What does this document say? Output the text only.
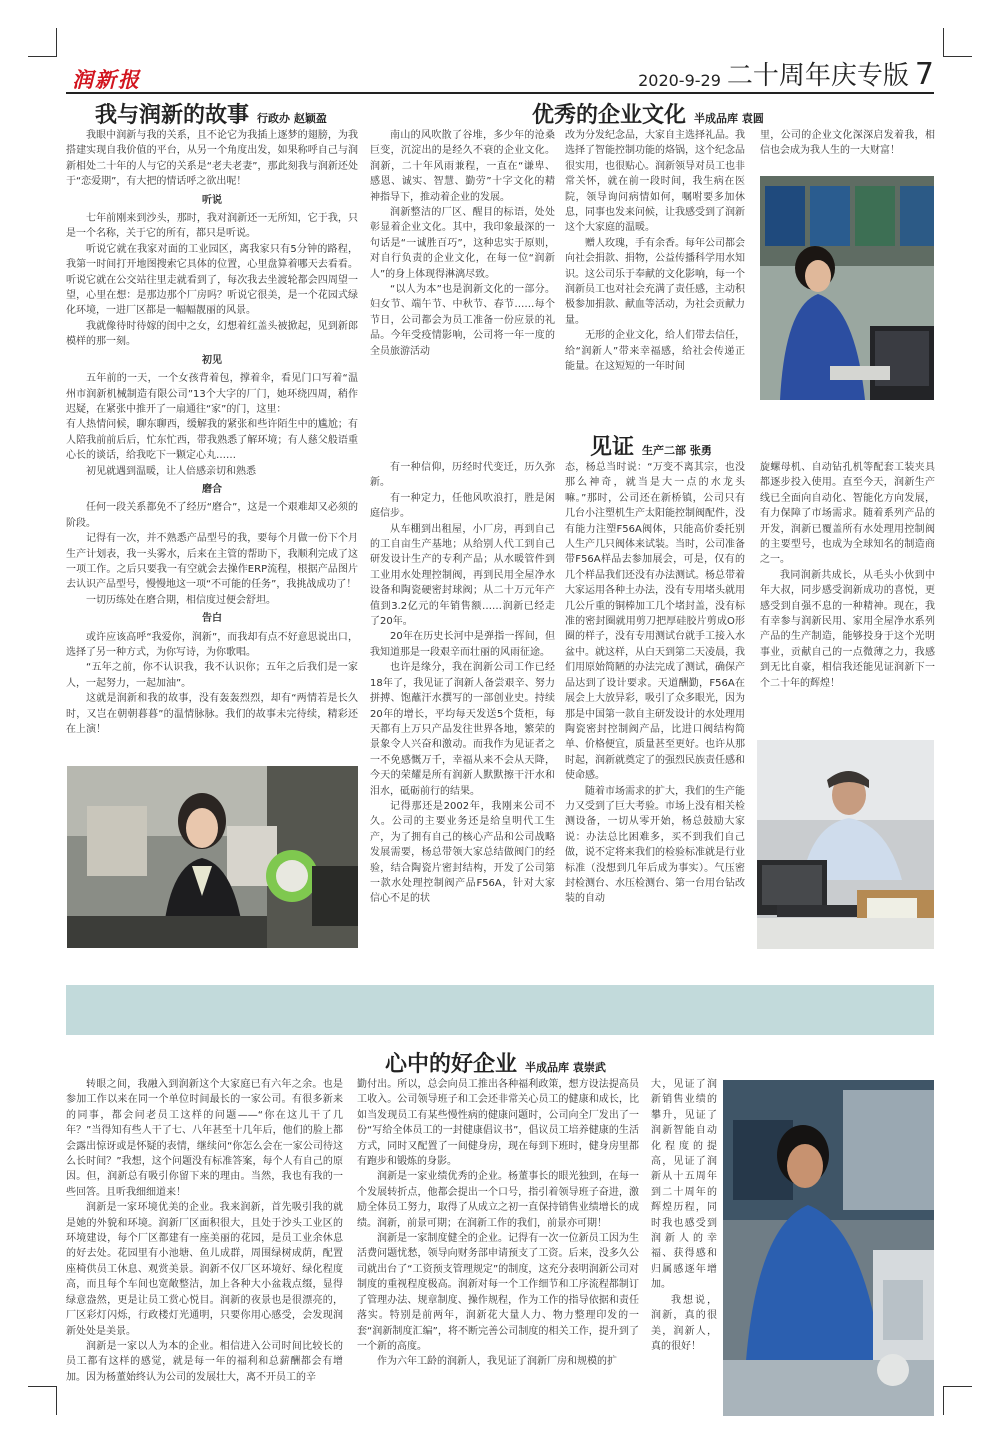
润新报	2020-9-29 二十周年庆专版 7
我与润新的故事 行政办 赵颖盈

我眼中润新与我的关系，且不论它为我插上逐梦的翅膀，为我搭建实现自我价值的平台，从另一个角度出发，如果称呼自己与润新相处二十年的人与它的关系是“老夫老妻”，那此刻我与润新还处于“恋爱期”，有大把的情话呼之欲出呢！

听说

七年前刚来到沙头，那时，我对润新还一无所知，它于我，只是一个名称，关于它的所有，都只是听说。

听说它就在我家对面的工业园区，离我家只有5分钟的路程，我第一时间打开地图搜索它具体的位置，心里盘算着哪天去看看。听说它就在公交站往里走就看到了，每次我去坐渡轮都会四周望一望，心里在想：是那边那个厂房吗？听说它很美，是一个花园式绿化环境，一进厂区都是一幅幅靓丽的风景。

我就像待时待嫁的闺中之女，幻想着红盖头被掀起，见到新郎模样的那一刻。

初见

五年前的一天，一个女孩背着包，撑着伞，看见门口写着“温州市润新机械制造有限公司”13个大字的厂门，她环绕四周，稍作迟疑，在紧张中推开了一扇通往“家”的门，这里：

有人热情问候，聊东聊西，缓解我的紧张和些许陌生中的尴尬；有人陪我前前后后，忙东忙西，带我熟悉了解环境；有人慈父般语重心长的谈话，给我吃下一颗定心丸……

初见就遇到温暖，让人倍感亲切和熟悉

磨合

任何一段关系都免不了经历“磨合”，这是一个艰难却又必须的阶段。

记得有一次，并不熟悉产品型号的我，要每个月做一份下个月生产计划表，我一头雾水，后来在主管的帮助下，我顺利完成了这一项工作。之后只要我一有空就会去操作ERP流程，根据产品图片去认识产品型号，慢慢地这一项“不可能的任务”，我挑战成功了！

一切历练处在磨合期，相信度过便会舒坦。

告白

或许应该高呼“我爱你，润新”，而我却有点不好意思说出口，选择了另一种方式，为你写诗，为你歌唱。

“五年之前，你不认识我，我不认识你；五年之后我们是一家人，一起努力，一起加油”。

这就是润新和我的故事，没有轰轰烈烈，却有“两情若是长久时，又岂在朝朝暮暮”的温情脉脉。我们的故事未完待续，精彩还在上演！

优秀的企业文化 半成品库 袁圆

南山的风吹散了谷堆，多少年的沧桑巨变，沉淀出的是经久不衰的企业文化。润新，二十年风雨兼程，一直在“谦卑、感恩、诚实、智慧、勤劳”十字文化的精神指导下，推动着企业的发展。

润新整洁的厂区、醒目的标语，处处彰显着企业文化。其中，我印象最深的一句话是“一诚胜百巧”，这种忠实于原则，对自行负责的企业文化，在每一位“润新人”的身上体现得淋漓尽致。

“以人为本”也是润新文化的一部分。妇女节、端午节、中秋节、春节……每个节日，公司都会为员工准备一份应景的礼品。今年受疫情影响，公司将一年一度的全员旅游活动

改为分发纪念品，大家自主选择礼品。我选择了智能控制功能的烙锅，这个纪念品很实用，也很贴心。润新领导对员工也非常关怀，就在前一段时间，我生病在医院，领导询问病情如何，嘱咐要多加休息，同事也发来问候，让我感受到了润新这个大家庭的温暖。

赠人玫瑰，手有余香。每年公司都会向社会捐款、捐物，公益传播科学用水知识。这公司乐于奉献的文化影响，每一个润新员工也对社会充满了责任感，主动积极参加捐款、献血等活动，为社会贡献力量。

无形的企业文化，给人们带去信任，给“润新人”带来幸福感，给社会传递正能量。在这短短的一年时间

里，公司的企业文化深深启发着我，相信也会成为我人生的一大财富！

见证 生产二部 张勇

有一种信仰，历经时代变迁，历久弥新。

有一种定力，任他风吹浪打，胜是闲庭信步。

从车棚到出租屋，小厂房，再到自己的工自亩生产基地；从给别人代工到自己研发设计生产的专利产品；从水暖管件到工业用水处理控制阀，再到民用全屋净水设备和陶瓷硬密封球阀；从二十万元年产值到3.2亿元的年销售额……润新已经走了20年。

20年在历史长河中是弹指一挥间，但我知道那是一段艰辛而壮丽的风雨征途。

也许是缘分，我在润新公司工作已经18年了，我见证了润新人备尝艰辛、努力拼搏、饱蘸汗水撰写的一部创业史。持续20年的增长，平均每天发送5个货柜，每天都有上万只产品发往世界各地，繁荣的景象令人兴奋和激动。而我作为见证者之一不免感慨万千，幸福从来不会从天降，今天的荣耀是所有润新人默默擦干汗水和泪水，砥砺前行的结果。

记得那还是2002年，我刚来公司不久。公司的主要业务还是给皇明代工生产，为了拥有自己的核心产品和公司战略发展需要，杨总带领大家总结做阀门的经验，结合陶瓷片密封结构，开发了公司第一款水处理控制阀产品F56A，针对大家信心不足的状

态，杨总当时说：“万变不离其宗，也没那么神奇，就当是大一点的水龙头嘛。”那时，公司还在新桥镇，公司只有几台小注塑机生产太阳能控制阀配件，没有能力注塑F56A阀体，只能高价委托别人生产几只阀体来试装。当时，公司准备带F56A样品去参加展会，可是，仅有的几个样品我们还没有办法测试。杨总带着大家运用各种土办法，没有专用堵头就用几公斤重的铜棒加工几个堵封盖，没有标准的密封圈就用剪刀把厚硅胶片剪成O形圈的样子，没有专用测试台就手工接入水盆中。就这样，从白天到第二天凌晨，我们用原始简陋的办法完成了测试，确保产品达到了设计要求。天道酬勤，F56A在展会上大放异彩，吸引了众多眼光，因为那是中国第一款自主研发设计的水处理用陶瓷密封控制阀产品，比进口阀结构简单、价格便宜，质量甚至更好。也许从那时起，润新就奠定了的强烈民族责任感和使命感。

随着市场需求的扩大，我们的生产能力又受到了巨大考验。市场上没有相关检测设备，一切从零开始，杨总鼓励大家说：办法总比困难多，买不到我们自己做，说不定将来我们的检验标准就是行业标准（没想到几年后成为事实）。气压密封检测台、水压检测台、第一台用台钻改装的自动

旋螺母机、自动钻孔机等配套工装夹具都逐步投入使用。直至今天，润新生产线已全面向自动化、智能化方向发展，有力保障了市场需求。随着系列产品的开发，润新已覆盖所有水处理用控制阀的主要型号，也成为全球知名的制造商之一。

我同润新共成长，从毛头小伙到中年大叔，同步感受润新成功的喜悦，更感受到自强不息的一种精神。现在，我有幸参与润新民用、家用全屋净水系列产品的生产制造，能够投身于这个光明事业，贡献自己的一点微薄之力，我感到无比自豪，相信我还能见证润新下一个二十年的辉煌！

心中的好企业 半成品库 袁崇武

转眼之间，我融入到润新这个大家庭已有六年之余。也是参加工作以来在同一个单位时间最长的一家公司。有很多新来的同事，都会问老员工这样的问题——“你在这儿干了几年？”当得知有些人干了七、八年甚至十几年后，他们的脸上都会露出惊讶或是怀疑的表情，继续问“你怎么会在一家公司待这么长时间？”我想，这个问题没有标准答案，每个人有自己的原因。但，润新总有吸引你留下来的理由。当然，我也有我的一些回答。且听我细细道来！

润新是一家环境优美的企业。我来润新，首先吸引我的就是她的外貌和环境。润新厂区面积很大，且处于沙头工业区的环境建设，每个厂区都建有一座美丽的花园，是员工业余休息的好去处。花园里有小池塘、鱼儿成群，周围绿树成荫，配置座椅供员工休息、观赏美景。润新不仅厂区环境好、绿化程度高，而且每个车间也宽敞整洁，加上各种大小盆栽点缀，显得绿意盎然，更是让员工赏心悦目。润新的夜景也是很漂亮的，厂区彩灯闪烁，行政楼灯光通明，只要你用心感受，会发现润新处处是美景。

润新是一家以人为本的企业。相信进入公司时间比较长的员工都有这样的感觉，就是每一年的福利和总薪酬都会有增加。因为杨董始终认为公司的发展壮大，离不开员工的辛

勤付出。所以，总会向员工推出各种福利政策，想方设法提高员工收入。公司领导班子和工会还非常关心员工的健康和成长，比如当发现员工有某些慢性病的健康问题时，公司向全厂发出了一份“写给全体员工的一封健康倡议书”，倡议员工培养健康的生活方式，同时又配置了一间健身房，现在每到下班时，健身房里都有跑步和锻炼的身影。

润新是一家业绩优秀的企业。杨董事长的眼光独到，在每一个发展转折点，他都会提出一个口号，指引着领导班子奋进，激励全体员工努力，取得了从成立之初一直保持销售业绩增长的成绩。润新，前景可期；在润新工作的我们，前景亦可期！

润新是一家制度健全的企业。记得有一次一位新员工因为生活费问题忧愁，领导向财务部申请预支了工资。后来，没多久公司就出台了“工资预支管理规定”的制度，这充分表明润新公司对制度的重视程度极高。润新对每一个工作细节和工序流程都制订了管理办法、规章制度、操作规程，作为工作的指导依据和责任落实。特别是前两年，润新花大量人力、物力整理印发的一套“润新制度汇编”，将不断完善公司制度的相关工作，提升到了一个新的高度。

作为六年工龄的润新人，我见证了润新厂房和规模的扩

大，见证了润新销售业绩的攀升，见证了润新智能自动化程度的提高，见证了润新从十五周年到二十周年的辉煌历程，同时我也感受到润新人的幸福、获得感和归属感逐年增加。

我想说，润新，真的很美，润新人，真的很好！
